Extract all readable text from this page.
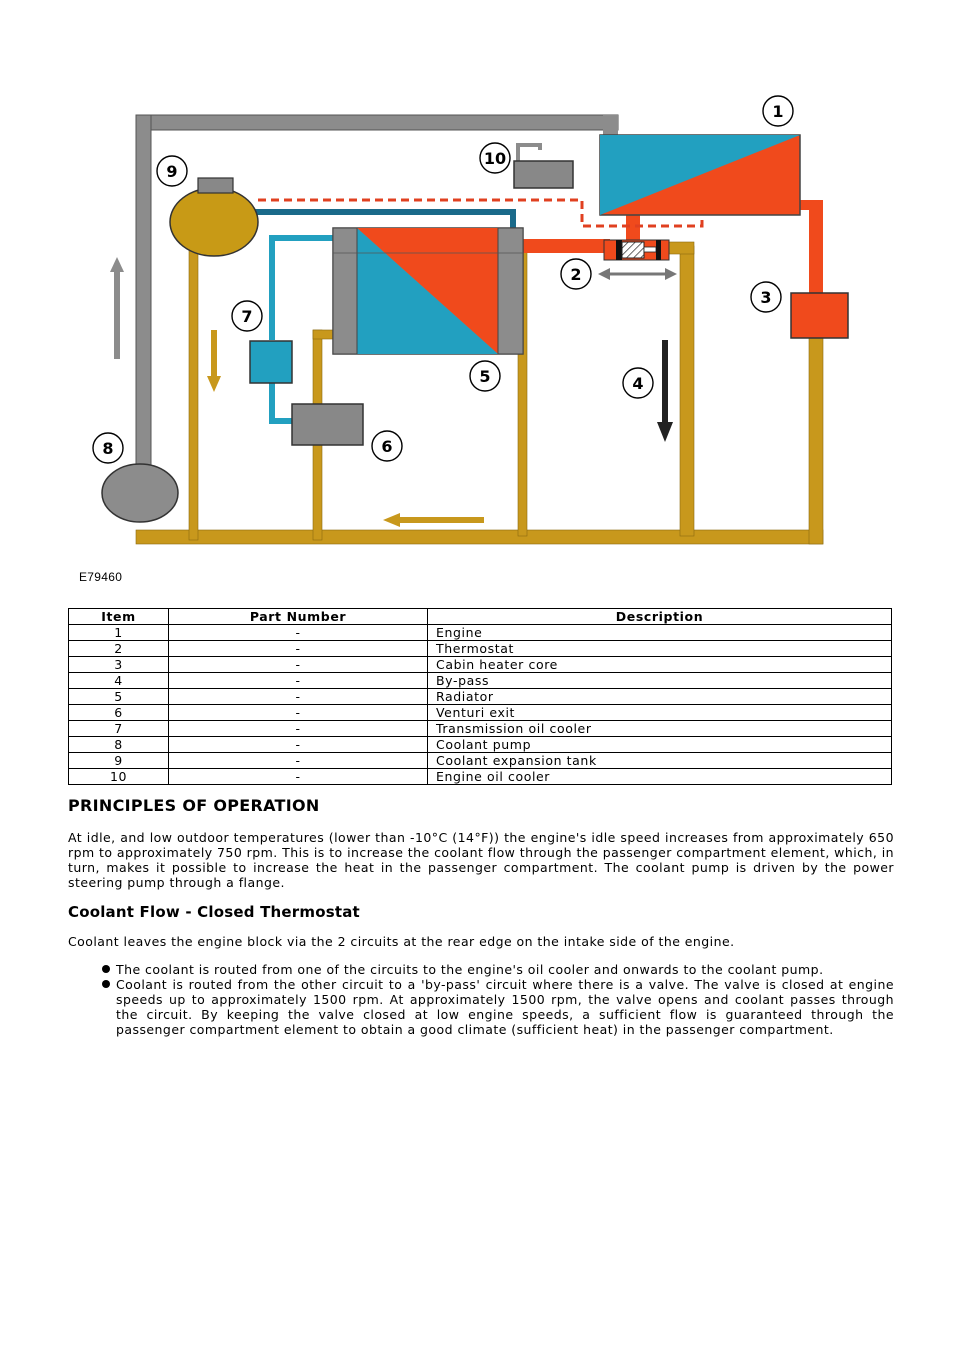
1
10
9
2
3
7
5	4
6
8
E79460
Item	Part Number	Description
1	-	Engine
2	-	Thermostat
3	-	Cabin heater core
4	-	By-pass
5	-	Radiator
6	-	Venturi exit
7	-	Transmission oil cooler
8	-	Coolant pump
9	-	Coolant expansion tank
10	-	Engine oil cooler
PRINCIPLES OF OPERATION

At idle, and low outdoor temperatures (lower than -10°C (14°F)) the engine's idle speed increases from approximately 650 rpm to approximately 750 rpm. This is to increase the coolant flow through the passenger compartment element, which, in turn, makes it possible to increase the heat in the passenger compartment. The coolant pump is driven by the power steering pump through a flange.

Coolant Flow - Closed Thermostat

Coolant leaves the engine block via the 2 circuits at the rear edge on the intake side of the engine.

The coolant is routed from one of the circuits to the engine's oil cooler and onwards to the coolant pump.
Coolant is routed from the other circuit to a 'by-pass' circuit where there is a valve. The valve is closed at engine speeds up to approximately 1500 rpm. At approximately 1500 rpm, the valve opens and coolant passes through the circuit. By keeping the valve closed at low engine speeds, a sufficient flow is guaranteed through the passenger compartment element to obtain a good climate (sufficient heat) in the passenger compartment.
